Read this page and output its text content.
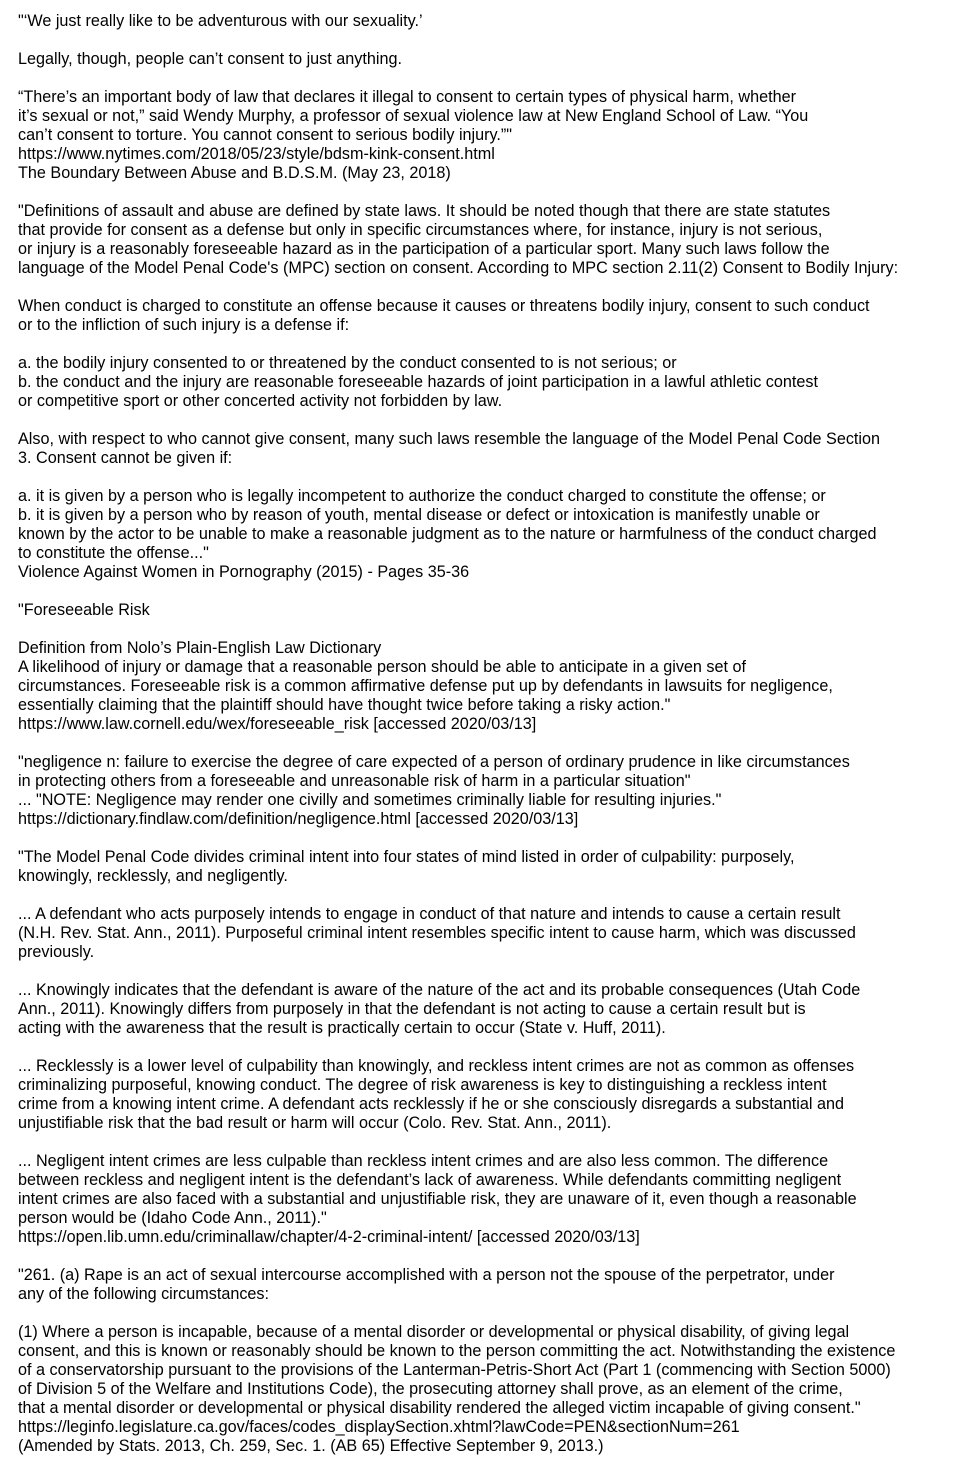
"‘We just really like to be adventurous with our sexuality.’
Legally, though, people can’t consent to just anything.
“There’s an important body of law that declares it illegal to consent to certain types of physical harm, whether
it’s sexual or not,” said Wendy Murphy, a professor of sexual violence law at New England School of Law. “You
can’t consent to torture. You cannot consent to serious bodily injury.”"
https://www.nytimes.com/2018/05/23/style/bdsm-kink-consent.html
The Boundary Between Abuse and B.D.S.M. (May 23, 2018)
"Definitions of assault and abuse are defined by state laws. It should be noted though that there are state statutes
that provide for consent as a defense but only in specific circumstances where, for instance, injury is not serious,
or injury is a reasonably foreseeable hazard as in the participation of a particular sport. Many such laws follow the
language of the Model Penal Code's (MPC) section on consent. According to MPC section 2.11(2) Consent to Bodily Injury:
When conduct is charged to constitute an offense because it causes or threatens bodily injury, consent to such conduct
or to the infliction of such injury is a defense if:
a. the bodily injury consented to or threatened by the conduct consented to is not serious; or
b. the conduct and the injury are reasonable foreseeable hazards of joint participation in a lawful athletic contest
or competitive sport or other concerted activity not forbidden by law.
Also, with respect to who cannot give consent, many such laws resemble the language of the Model Penal Code Section
3. Consent cannot be given if:
a. it is given by a person who is legally incompetent to authorize the conduct charged to constitute the offense; or
b. it is given by a person who by reason of youth, mental disease or defect or intoxication is manifestly unable or
known by the actor to be unable to make a reasonable judgment as to the nature or harmfulness of the conduct charged
to constitute the offense..."
Violence Against Women in Pornography (2015) - Pages 35-36
"Foreseeable Risk
Definition from Nolo’s Plain-English Law Dictionary
A likelihood of injury or damage that a reasonable person should be able to anticipate in a given set of
circumstances. Foreseeable risk is a common affirmative defense put up by defendants in lawsuits for negligence,
essentially claiming that the plaintiff should have thought twice before taking a risky action."
https://www.law.cornell.edu/wex/foreseeable_risk [accessed 2020/03/13]
"negligence n: failure to exercise the degree of care expected of a person of ordinary prudence in like circumstances
in protecting others from a foreseeable and unreasonable risk of harm in a particular situation"
... "NOTE: Negligence may render one civilly and sometimes criminally liable for resulting injuries."
https://dictionary.findlaw.com/definition/negligence.html [accessed 2020/03/13]
"The Model Penal Code divides criminal intent into four states of mind listed in order of culpability: purposely,
knowingly, recklessly, and negligently.
... A defendant who acts purposely intends to engage in conduct of that nature and intends to cause a certain result
(N.H. Rev. Stat. Ann., 2011). Purposeful criminal intent resembles specific intent to cause harm, which was discussed
previously.
... Knowingly indicates that the defendant is aware of the nature of the act and its probable consequences (Utah Code
Ann., 2011). Knowingly differs from purposely in that the defendant is not acting to cause a certain result but is
acting with the awareness that the result is practically certain to occur (State v. Huff, 2011).
... Recklessly is a lower level of culpability than knowingly, and reckless intent crimes are not as common as offenses
criminalizing purposeful, knowing conduct. The degree of risk awareness is key to distinguishing a reckless intent
crime from a knowing intent crime. A defendant acts recklessly if he or she consciously disregards a substantial and
unjustifiable risk that the bad result or harm will occur (Colo. Rev. Stat. Ann., 2011).
... Negligent intent crimes are less culpable than reckless intent crimes and are also less common. The difference
between reckless and negligent intent is the defendant’s lack of awareness. While defendants committing negligent
intent crimes are also faced with a substantial and unjustifiable risk, they are unaware of it, even though a reasonable
person would be (Idaho Code Ann., 2011)."
https://open.lib.umn.edu/criminallaw/chapter/4-2-criminal-intent/ [accessed 2020/03/13]
"261. (a) Rape is an act of sexual intercourse accomplished with a person not the spouse of the perpetrator, under
any of the following circumstances:
(1) Where a person is incapable, because of a mental disorder or developmental or physical disability, of giving legal
consent, and this is known or reasonably should be known to the person committing the act. Notwithstanding the existence
of a conservatorship pursuant to the provisions of the Lanterman-Petris-Short Act (Part 1 (commencing with Section 5000)
of Division 5 of the Welfare and Institutions Code), the prosecuting attorney shall prove, as an element of the crime,
that a mental disorder or developmental or physical disability rendered the alleged victim incapable of giving consent."
https://leginfo.legislature.ca.gov/faces/codes_displaySection.xhtml?lawCode=PEN&sectionNum=261
(Amended by Stats. 2013, Ch. 259, Sec. 1. (AB 65) Effective September 9, 2013.)
